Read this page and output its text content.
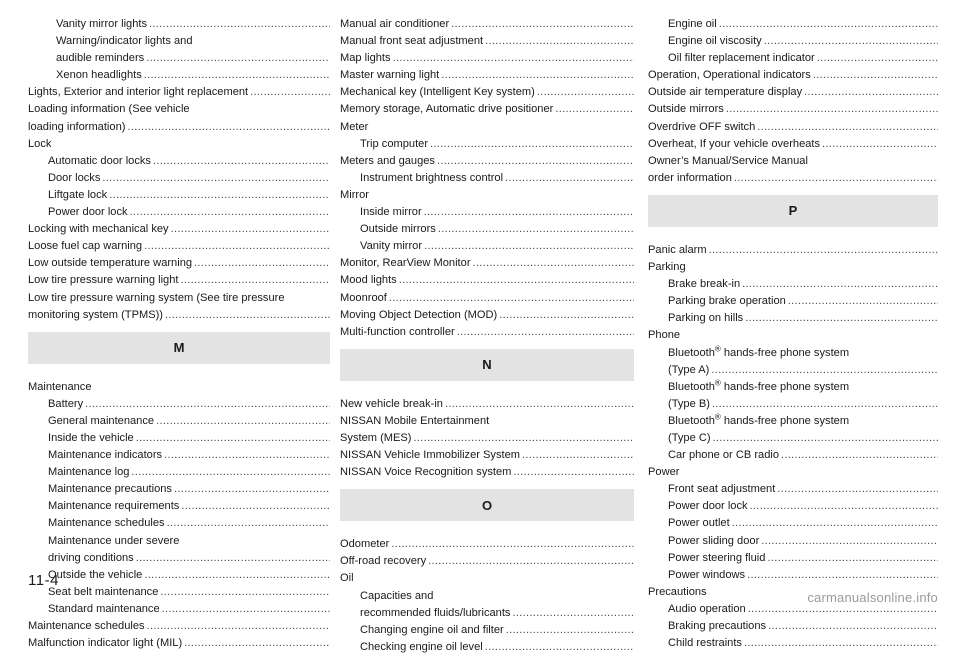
Vanity mirror lights .....
Warning/indicator lights and
audible reminders .....
Xenon headlights .....
Lights, Exterior and interior light replacement .....
Loading information (See vehicle
loading information) .....
Lock
Automatic door locks .....
Door locks .....
Liftgate lock .....
Power door lock .....
Locking with mechanical key .....
Loose fuel cap warning .....
Low outside temperature warning .....
Low tire pressure warning light .....
Low tire pressure warning system (See tire pressure
monitoring system (TPMS)) .....
M
Maintenance
Battery .....
General maintenance .....
Inside the vehicle .....
Maintenance indicators .....
Maintenance log .....
Maintenance precautions .....
Maintenance requirements .....
Maintenance schedules .....
Maintenance under severe
driving conditions .....
Outside the vehicle .....
Seat belt maintenance .....
Standard maintenance .....
Maintenance schedules .....
Malfunction indicator light (MIL) .....
Manual air conditioner .....
Manual front seat adjustment .....
Map lights .....
Master warning light .....
Mechanical key (Intelligent Key system) .....
Memory storage, Automatic drive positioner .....
Meter
Trip computer .....
Meters and gauges .....
Instrument brightness control .....
Mirror
Inside mirror .....
Outside mirrors .....
Vanity mirror .....
Monitor, RearView Monitor .....
Mood lights .....
Moonroof .....
Moving Object Detection (MOD) .....
Multi-function controller .....
N
New vehicle break-in .....
NISSAN Mobile Entertainment
System (MES) .....
NISSAN Vehicle Immobilizer System .....
NISSAN Voice Recognition system .....
O
Odometer .....
Off-road recovery .....
Oil
Capacities and
recommended fluids/lubricants .....
Changing engine oil and filter .....
Checking engine oil level .....
Engine oil .....
Engine oil viscosity .....
Oil filter replacement indicator .....
Operation, Operational indicators .....
Outside air temperature display .....
Outside mirrors .....
Overdrive OFF switch .....
Overheat, If your vehicle overheats .....
Owner’s Manual/Service Manual
order information .....
P
Panic alarm .....
Parking
Brake break-in .....
Parking brake operation .....
Parking on hills .....
Phone
Bluetooth® hands-free phone system
(Type A) .....
Bluetooth® hands-free phone system
(Type B) .....
Bluetooth® hands-free phone system
(Type C) .....
Car phone or CB radio .....
Power
Front seat adjustment .....
Power door lock .....
Power outlet .....
Power sliding door .....
Power steering fluid .....
Power windows .....
Precautions
Audio operation .....
Braking precautions .....
Child restraints .....
11-4
carmanualsonline.info
